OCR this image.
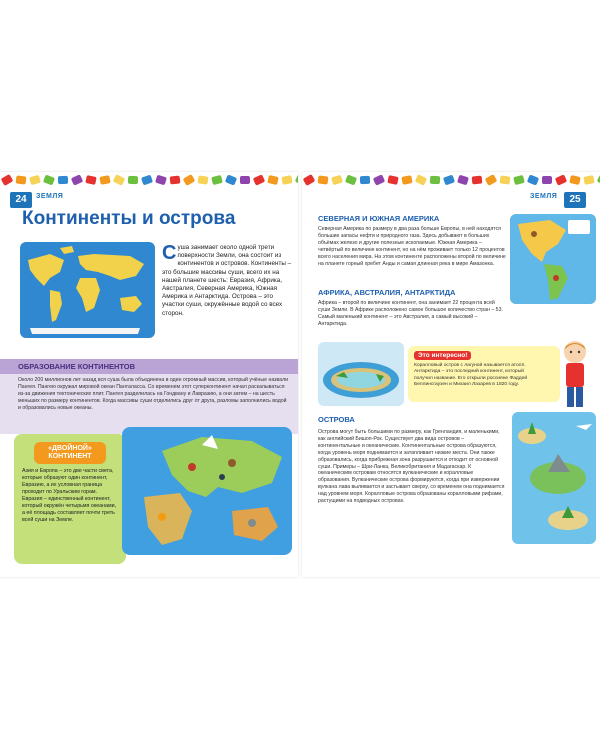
24	ЗЕМЛЯ
Континенты и острова
Суша занимает около одной трети поверхности Земли, она состоит из континентов и островов. Континенты – это большие массивы суши, всего их на нашей планете шесть: Евразия, Африка, Австралия, Северная Америка, Южная Америка и Антарктида. Острова – это участки суши, окружённые водой со всех сторон.
ОБРАЗОВАНИЕ КОНТИНЕНТОВ
Около 200 миллионов лет назад вся суша была объединена в один огромный массив, который учёные назвали Пангея. Пангею окружал мировой океан Панталасса. Со временем этот суперконтинент начал раскалываться из-за движения тектонических плит. Пангея разделилась на Гондвану и Лавразию, а они затем – на шесть меньших по размеру континентов. Когда массивы суши отделились друг от друга, разломы заполнились водой и образовались новые океаны.
«ДВОЙНОЙ» КОНТИНЕНТ
Азия и Европа – это две части света, которые образуют один континент, Евразию, а их условная граница проходит по Уральским горам. Евразия – единственный континент, который окружён четырьмя океанами, а её площадь составляет почти треть всей суши на Земле.
ЗЕМЛЯ	25
СЕВЕРНАЯ И ЮЖНАЯ АМЕРИКА
Северная Америка по размеру в два раза больше Европы, в ней находятся большие запасы нефти и природного газа. Здесь добывают в больших объёмах железо и другие полезные ископаемые. Южная Америка – четвёртый по величине континент, но на нём проживает только 12 процентов всего населения мира. На этом континенте расположены второй по величине на планете горный хребет Анды и самая длинная река в мире Амазонка.
АФРИКА, АВСТРАЛИЯ, АНТАРКТИДА
Африка – второй по величине континент, она занимает 22 процента всей суши Земли. В Африке расположено самое большое количество стран – 53. Самый маленький континент – это Австралия, а самый высокий – Антарктида.
Это интересно!
Коралловый остров с лагуной называется атолл.
Антарктида – это последний континент, который получил название. Его открыли россияне Фаддей Беллинсгаузен и Михаил Лазарев в 1820 году.
ОСТРОВА
Острова могут быть большими по размеру, как Гренландия, и маленькими, как английский Бишоп-Рок. Существует два вида островов – континентальные и океанические. Континентальные острова образуются, когда уровень моря поднимается и затапливает низкие места. Они также образовались, когда прибрежная зона разрушается и отходит от основной суши. Примеры – Шри-Ланка, Великобритания и Мадагаскар. К океаническим островам относятся вулканические и коралловые образования. Вулканические острова формируются, когда при извержении вулкана лава выливается и застывает сверху, со временем она поднимается над уровнем моря. Коралловые острова образованы коралловыми рифами, растущими на подводных островах.
